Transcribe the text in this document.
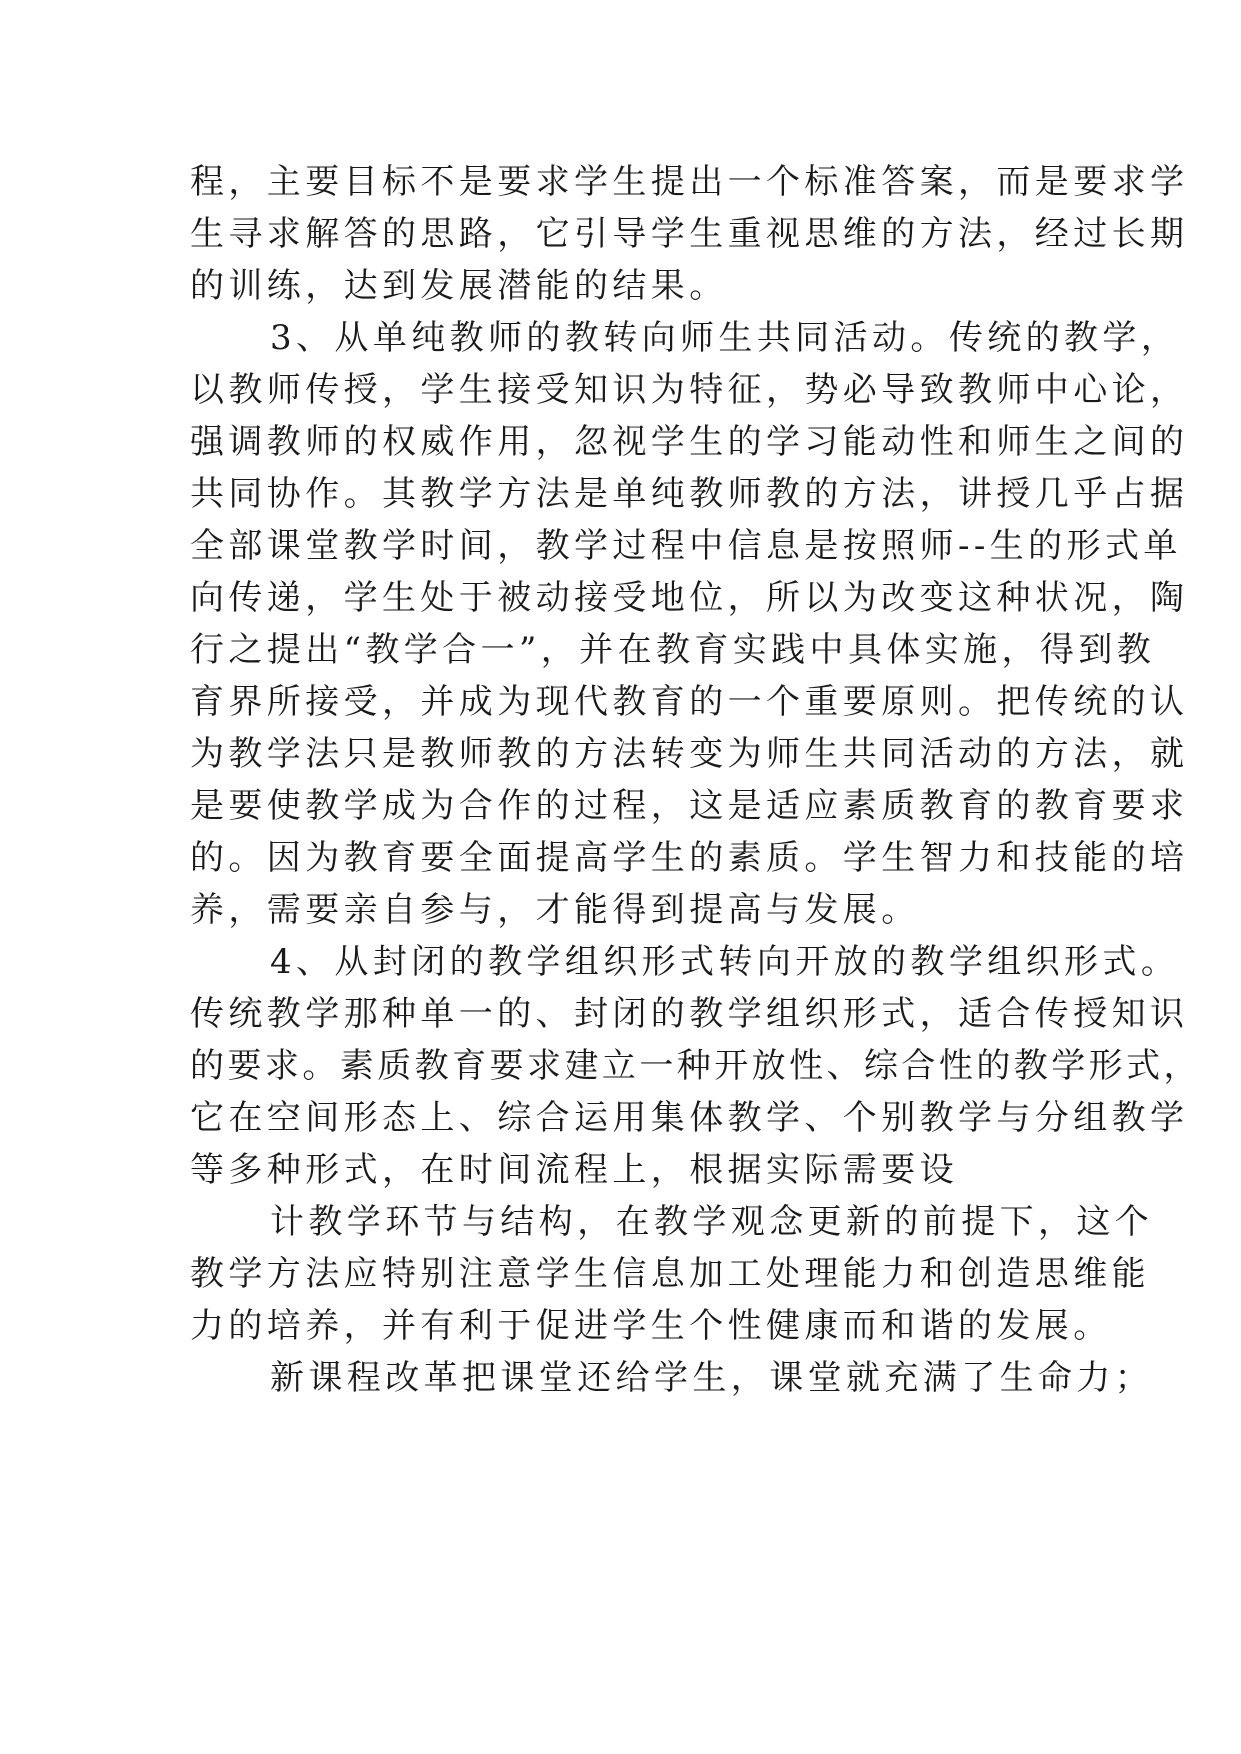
程，主要目标不是要求学生提出一个标准答案，而是要求学
生寻求解答的思路，它引导学生重视思维的方法，经过长期
的训练，达到发展潜能的结果。
3、从单纯教师的教转向师生共同活动。传统的教学，
以教师传授，学生接受知识为特征，势必导致教师中心论，
强调教师的权威作用，忽视学生的学习能动性和师生之间的
共同协作。其教学方法是单纯教师教的方法，讲授几乎占据
全部课堂教学时间，教学过程中信息是按照师--生的形式单
向传递，学生处于被动接受地位，所以为改变这种状况，陶
行之提出“教学合一”，并在教育实践中具体实施，得到教
育界所接受，并成为现代教育的一个重要原则。把传统的认
为教学法只是教师教的方法转变为师生共同活动的方法，就
是要使教学成为合作的过程，这是适应素质教育的教育要求
的。因为教育要全面提高学生的素质。学生智力和技能的培
养，需要亲自参与，才能得到提高与发展。
4、从封闭的教学组织形式转向开放的教学组织形式。
传统教学那种单一的、封闭的教学组织形式，适合传授知识
的要求。素质教育要求建立一种开放性、综合性的教学形式，
它在空间形态上、综合运用集体教学、个别教学与分组教学
等多种形式，在时间流程上，根据实际需要设
计教学环节与结构，在教学观念更新的前提下，这个
教学方法应特别注意学生信息加工处理能力和创造思维能
力的培养，并有利于促进学生个性健康而和谐的发展。
新课程改革把课堂还给学生，课堂就充满了生命力；
